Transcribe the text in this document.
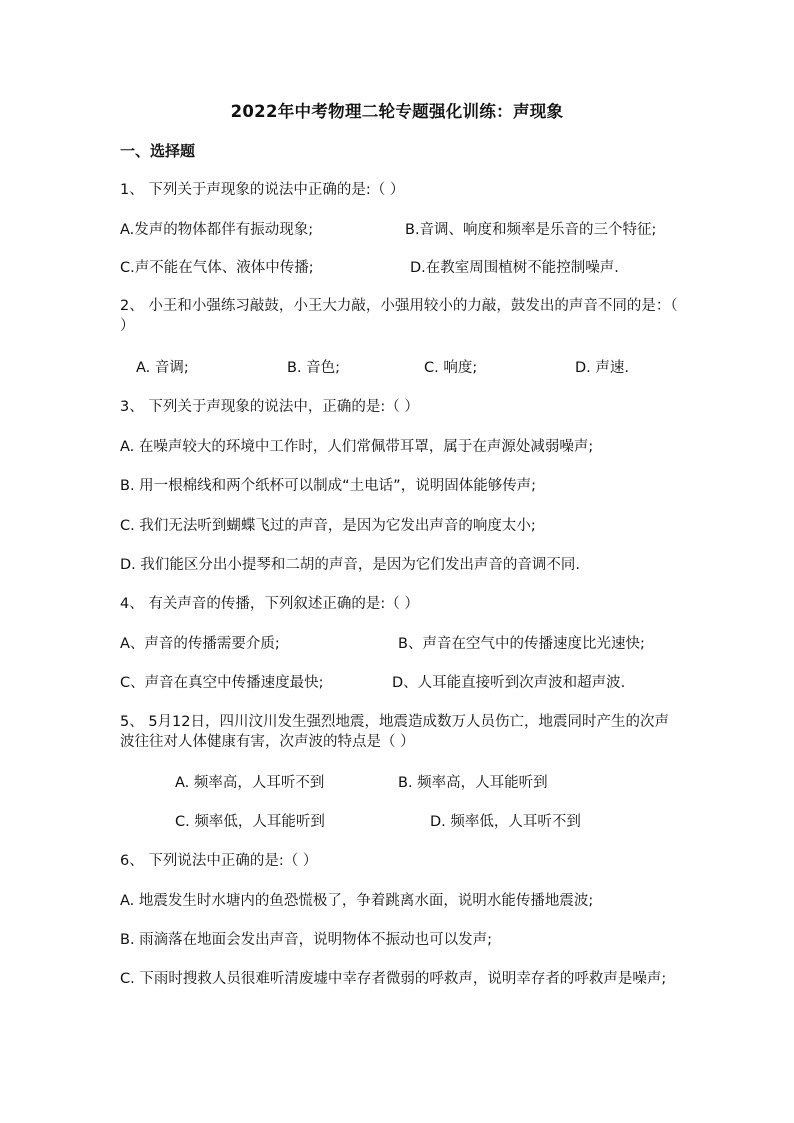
2022年中考物理二轮专题强化训练：声现象
一、选择题
1、 下列关于声现象的说法中正确的是:（ ）
A.发声的物体都伴有振动现象;	B.音调、响度和频率是乐音的三个特征;
C.声不能在气体、液体中传播;	D.在教室周围植树不能控制噪声.
2、 小王和小强练习敲鼓，小王大力敲，小强用较小的力敲，鼓发出的声音不同的是：（ ）
A. 音调;	B. 音色;	C. 响度;	D. 声速.
3、 下列关于声现象的说法中，正确的是:（ ）
A. 在噪声较大的环境中工作时，人们常佩带耳罩，属于在声源处减弱噪声;
B. 用一根棉线和两个纸杯可以制成“土电话”，说明固体能够传声;
C. 我们无法听到蝴蝶飞过的声音，是因为它发出声音的响度太小;
D. 我们能区分出小提琴和二胡的声音，是因为它们发出声音的音调不同.
4、 有关声音的传播，下列叙述正确的是:（ ）
A、声音的传播需要介质;	B、声音在空气中的传播速度比光速快;
C、声音在真空中传播速度最快;	D、人耳能直接听到次声波和超声波.
5、 5月12日，四川汶川发生强烈地震，地震造成数万人员伤亡，地震同时产生的次声波往往对人体健康有害，次声波的特点是（ ）
A. 频率高，人耳听不到	B. 频率高，人耳能听到
C. 频率低，人耳能听到	D. 频率低，人耳听不到
6、 下列说法中正确的是:（ ）
A. 地震发生时水塘内的鱼恐慌极了，争着跳离水面，说明水能传播地震波;
B. 雨滴落在地面会发出声音，说明物体不振动也可以发声;
C. 下雨时搜救人员很难听清废墟中幸存者微弱的呼救声，说明幸存者的呼救声是噪声;
